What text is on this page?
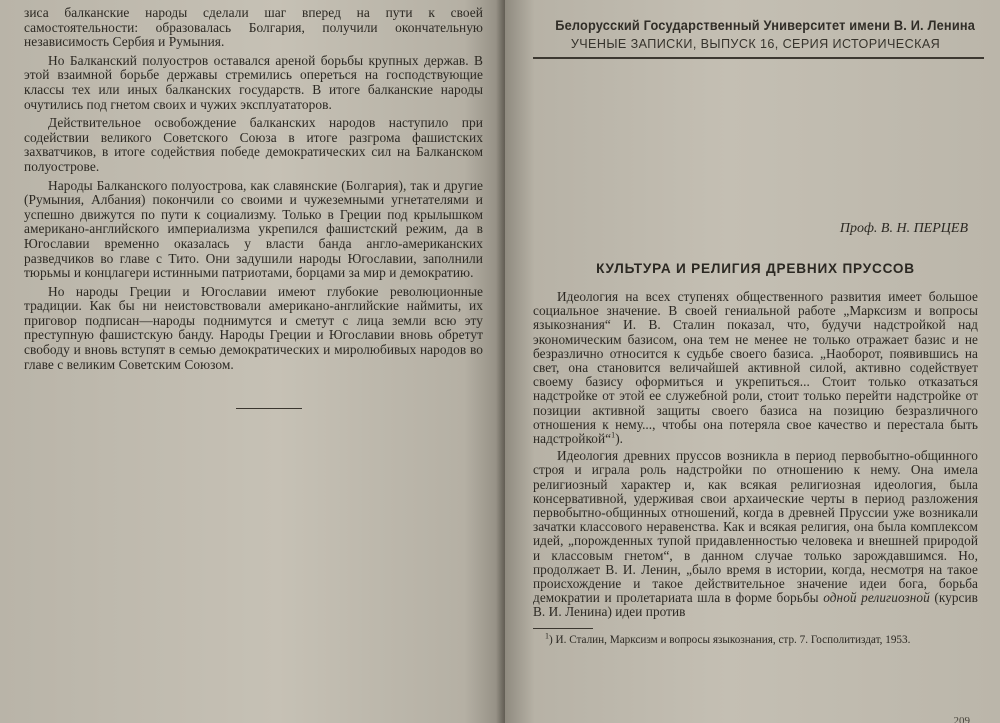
зиса балканские народы сделали шаг вперед на пути к своей самостоятельности: образовалась Болгария, получили окончательную независимость Сербия и Румыния.

Но Балканский полуостров оставался ареной борьбы крупных держав. В этой взаимной борьбе державы стремились опереться на господствующие классы тех или иных балканских государств. В итоге балканские народы очутились под гнетом своих и чужих эксплуататоров.

Действительное освобождение балканских народов наступило при содействии великого Советского Союза в итоге разгрома фашистских захватчиков, в итоге содействия победе демократических сил на Балканском полуострове.

Народы Балканского полуострова, как славянские (Болгария), так и другие (Румыния, Албания) покончили со своими и чужеземными угнетателями и успешно движутся по пути к социализму. Только в Греции под крылышком американо-английского империализма укрепился фашистский режим, да в Югославии временно оказалась у власти банда англо-американских разведчиков во главе с Тито. Они задушили народы Югославии, заполнили тюрьмы и концлагери истинными патриотами, борцами за мир и демократию.

Но народы Греции и Югославии имеют глубокие революционные традиции. Как бы ни неистовствовали американо-английские наймиты, их приговор подписан—народы поднимутся и сметут с лица земли всю эту преступную фашистскую банду. Народы Греции и Югославии вновь обретут свободу и вновь вступят в семью демократических и миролюбивых народов во главе с великим Советским Союзом.

Белорусский Государственный Университет имени В. И. Ленина
УЧЕНЫЕ ЗАПИСКИ, ВЫПУСК 16, СЕРИЯ ИСТОРИЧЕСКАЯ
Проф. В. Н. ПЕРЦЕВ
КУЛЬТУРА И РЕЛИГИЯ ДРЕВНИХ ПРУССОВ

Идеология на всех ступенях общественного развития имеет большое социальное значение. В своей гениальной работе „Марксизм и вопросы языкознания“ И. В. Сталин показал, что, будучи надстройкой над экономическим базисом, она тем не менее не только отражает базис и не безразлично относится к судьбе своего базиса. „Наоборот, появившись на свет, она становится величайшей активной силой, активно содействует своему базису оформиться и укрепиться... Стоит только отказаться надстройке от этой ее служебной роли, стоит только перейти надстройке от позиции активной защиты своего базиса на позицию безразличного отношения к нему..., чтобы она потеряла свое качество и перестала быть надстройкой“$^1$).

Идеология древних пруссов возникла в период первобытно-общинного строя и играла роль надстройки по отношению к нему. Она имела религиозный характер и, как всякая религиозная идеология, была консервативной, удерживая свои архаические черты в период разложения первобытно-общинных отношений, когда в древней Пруссии уже возникали зачатки классового неравенства. Как и всякая религия, она была комплексом идей, „порожденных тупой придавленностью человека и внешней природой и классовым гнетом“, в данном случае только зарождавшимся. Но, продолжает В. И. Ленин, „было время в истории, когда, несмотря на такое происхождение и такое действительное значение идеи бога, борьба демократии и пролетариата шла в форме борьбы одной религиозной (курсив В. И. Ленина) идеи против

$^1$) И. Сталин, Марксизм и вопросы языкознания, стр. 7. Госполитиздат, 1953.

209
